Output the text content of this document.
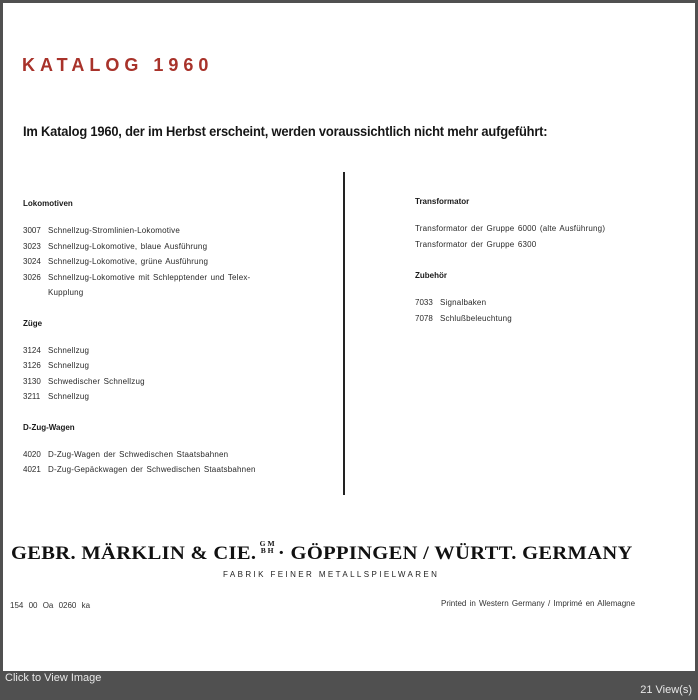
KATALOG 1960
Im Katalog 1960, der im Herbst erscheint, werden voraussichtlich nicht mehr aufgeführt:
Lokomotiven
3007 Schnellzug-Stromlinien-Lokomotive
3023 Schnellzug-Lokomotive, blaue Ausführung
3024 Schnellzug-Lokomotive, grüne Ausführung
3026 Schnellzug-Lokomotive mit Schlepptender und Telex-
Kupplung
Züge
3124 Schnellzug
3126 Schnellzug
3130 Schwedischer Schnellzug
3211 Schnellzug
D-Zug-Wagen
4020 D-Zug-Wagen der Schwedischen Staatsbahnen
4021 D-Zug-Gepäckwagen der Schwedischen Staatsbahnen
Transformator
Transformator der Gruppe 6000 (alte Ausführung)
Transformator der Gruppe 6300
Zubehör
7033 Signalbaken
7078 Schlußbeleuchtung
GEBR. MÄRKLIN & CIE. G M
B H · GÖPPINGEN / WÜRTT. GERMANY
FABRIK FEINER METALLSPIELWAREN
154 00 Oa 0260 ka	Printed in Western Germany / Imprimé en Allemagne
Click to View Image
21 View(s)
